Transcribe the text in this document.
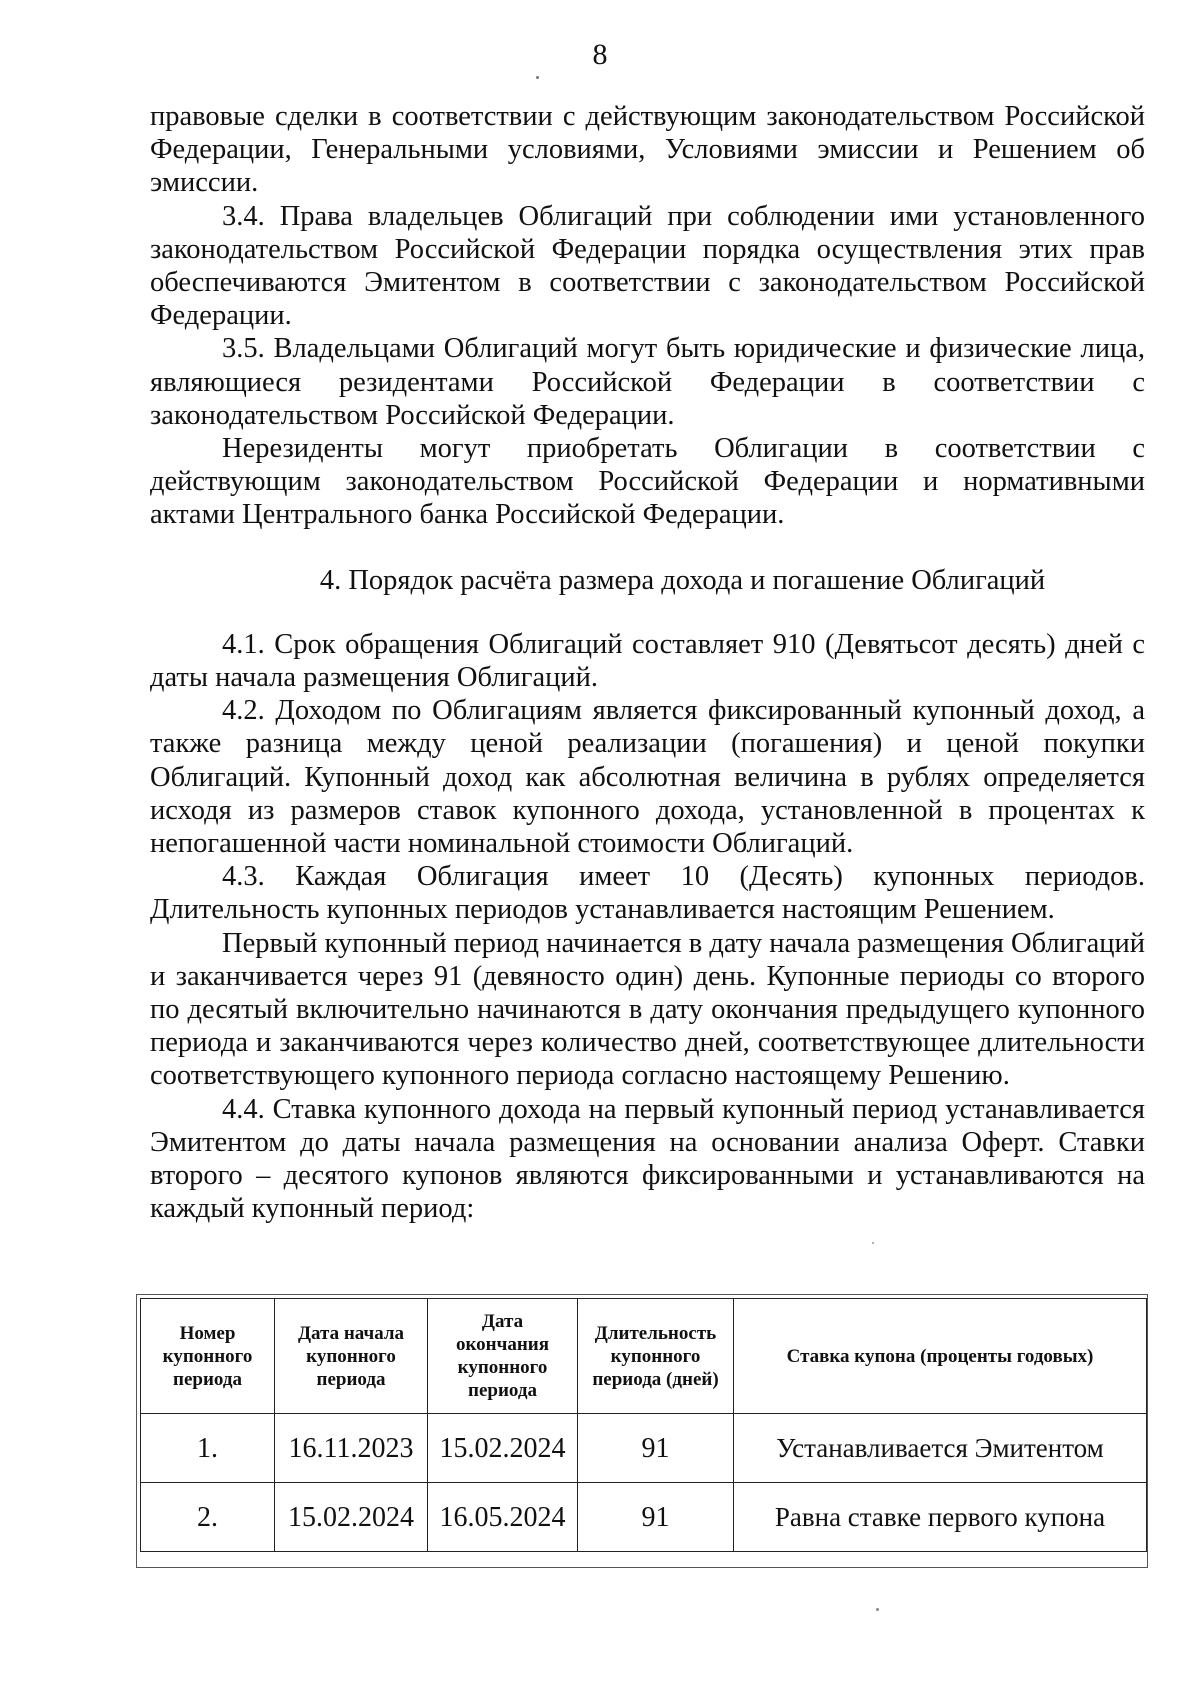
8

правовые сделки в соответствии с действующим законодательством Российской Федерации, Генеральными условиями, Условиями эмиссии и Решением об эмиссии.

3.4. Права владельцев Облигаций при соблюдении ими установленного законодательством Российской Федерации порядка осуществления этих прав обеспечиваются Эмитентом в соответствии с законодательством Российской Федерации.

3.5. Владельцами Облигаций могут быть юридические и физические лица, являющиеся резидентами Российской Федерации в соответствии с законодательством Российской Федерации.

Нерезиденты могут приобретать Облигации в соответствии с действующим законодательством Российской Федерации и нормативными актами Центрального банка Российской Федерации.

4. Порядок расчёта размера дохода и погашение Облигаций

4.1. Срок обращения Облигаций составляет 910 (Девятьсот десять) дней с даты начала размещения Облигаций.

4.2. Доходом по Облигациям является фиксированный купонный доход, а также разница между ценой реализации (погашения) и ценой покупки Облигаций. Купонный доход как абсолютная величина в рублях определяется исходя из размеров ставок купонного дохода, установленной в процентах к непогашенной части номинальной стоимости Облигаций.

4.3. Каждая Облигация имеет 10 (Десять) купонных периодов. Длительность купонных периодов устанавливается настоящим Решением.

Первый купонный период начинается в дату начала размещения Облигаций и заканчивается через 91 (девяносто один) день. Купонные периоды со второго по десятый включительно начинаются в дату окончания предыдущего купонного периода и заканчиваются через количество дней, соответствующее длительности соответствующего купонного периода согласно настоящему Решению.

4.4. Ставка купонного дохода на первый купонный период устанавливается Эмитентом до даты начала размещения на основании анализа Оферт. Ставки второго – десятого купонов являются фиксированными и устанавливаются на каждый купонный период:

Номер купонного периода	Дата начала купонного периода	Дата окончания купонного периода	Длительность купонного периода (дней)	Ставка купона (проценты годовых)
1.	16.11.2023	15.02.2024	91	Устанавливается Эмитентом
2.	15.02.2024	16.05.2024	91	Равна ставке первого купона
